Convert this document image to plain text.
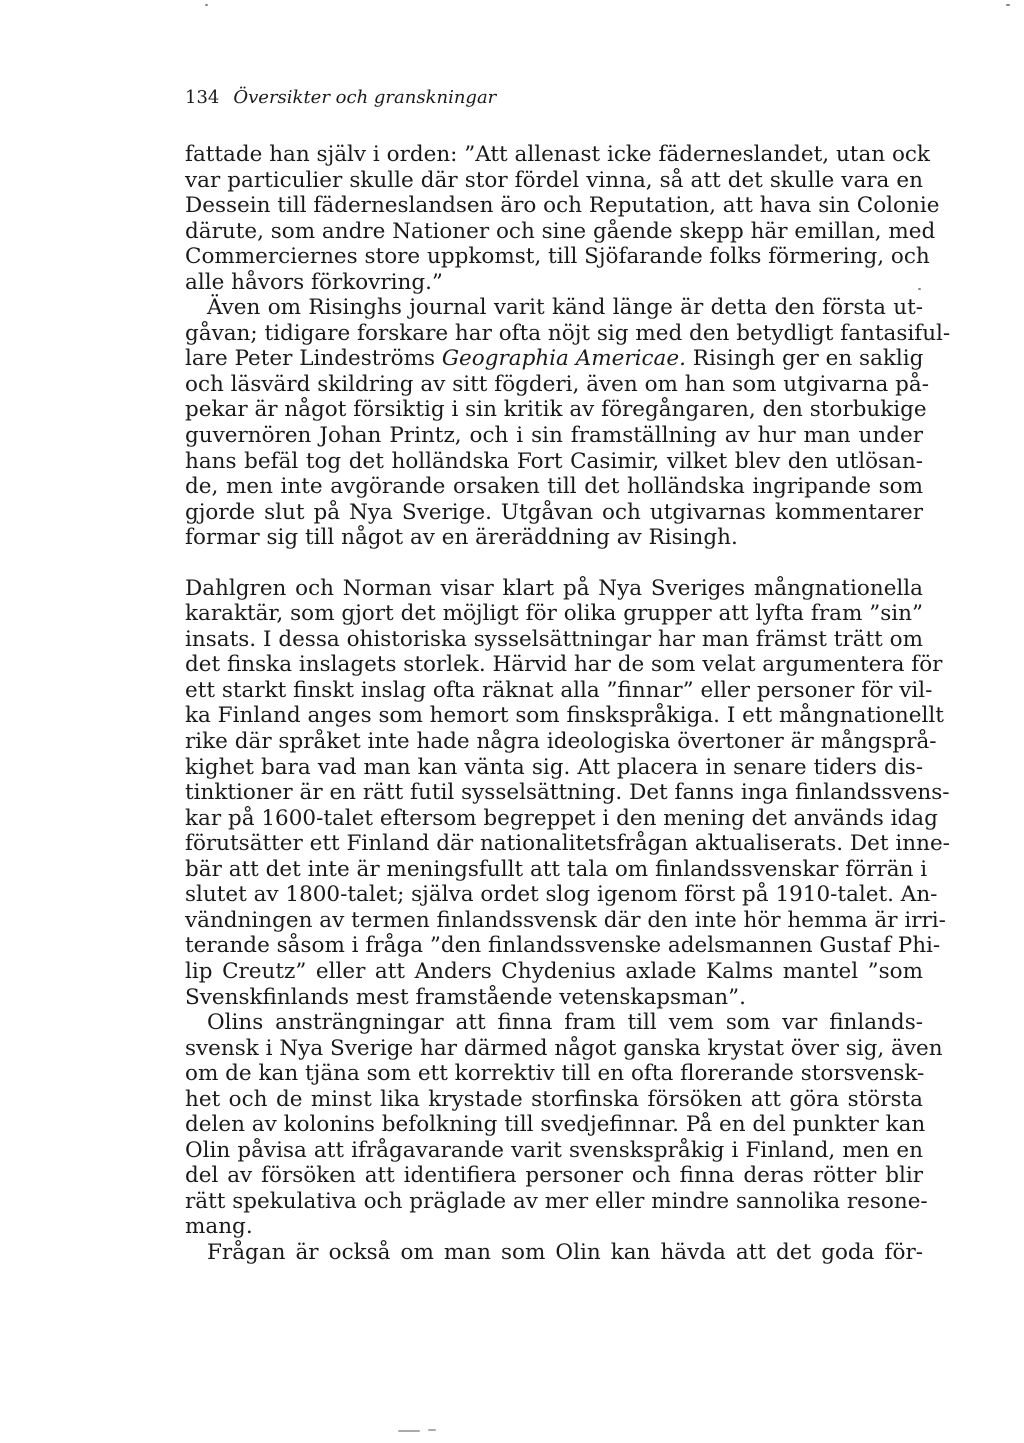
134 Översikter och granskningar
fattade han själv i orden: ”Att allenast icke fäderneslandet, utan ock
var particulier skulle där stor fördel vinna, så att det skulle vara en
Dessein till fäderneslandsen äro och Reputation, att hava sin Colonie
därute, som andre Nationer och sine gående skepp här emillan, med
Commerciernes store uppkomst, till Sjöfarande folks förmering, och
alle håvors förkovring.”
Även om Risinghs journal varit känd länge är detta den första ut-
gåvan; tidigare forskare har ofta nöjt sig med den betydligt fantasiful-
lare Peter Lindeströms Geographia Americae. Risingh ger en saklig
och läsvärd skildring av sitt fögderi, även om han som utgivarna på-
pekar är något försiktig i sin kritik av föregångaren, den storbukige
guvernören Johan Printz, och i sin framställning av hur man under
hans befäl tog det holländska Fort Casimir, vilket blev den utlösan-
de, men inte avgörande orsaken till det holländska ingripande som
gjorde slut på Nya Sverige. Utgåvan och utgivarnas kommentarer
formar sig till något av en äreräddning av Risingh.
Dahlgren och Norman visar klart på Nya Sveriges mångnationella
karaktär, som gjort det möjligt för olika grupper att lyfta fram ”sin”
insats. I dessa ohistoriska sysselsättningar har man främst trätt om
det finska inslagets storlek. Härvid har de som velat argumentera för
ett starkt finskt inslag ofta räknat alla ”finnar” eller personer för vil-
ka Finland anges som hemort som finskspråkiga. I ett mångnationellt
rike där språket inte hade några ideologiska övertoner är mångsprå-
kighet bara vad man kan vänta sig. Att placera in senare tiders dis-
tinktioner är en rätt futil sysselsättning. Det fanns inga finlandssvens-
kar på 1600-talet eftersom begreppet i den mening det används idag
förutsätter ett Finland där nationalitetsfrågan aktualiserats. Det inne-
bär att det inte är meningsfullt att tala om finlandssvenskar förrän i
slutet av 1800-talet; själva ordet slog igenom först på 1910-talet. An-
vändningen av termen finlandssvensk där den inte hör hemma är irri-
terande såsom i fråga ”den finlandssvenske adelsmannen Gustaf Phi-
lip Creutz” eller att Anders Chydenius axlade Kalms mantel ”som
Svenskfinlands mest framstående vetenskapsman”.
Olins ansträngningar att finna fram till vem som var finlands-
svensk i Nya Sverige har därmed något ganska krystat över sig, även
om de kan tjäna som ett korrektiv till en ofta florerande storsvensk-
het och de minst lika krystade storfinska försöken att göra största
delen av kolonins befolkning till svedjefinnar. På en del punkter kan
Olin påvisa att ifrågavarande varit svenskspråkig i Finland, men en
del av försöken att identifiera personer och finna deras rötter blir
rätt spekulativa och präglade av mer eller mindre sannolika resone-
mang.
Frågan är också om man som Olin kan hävda att det goda för-
